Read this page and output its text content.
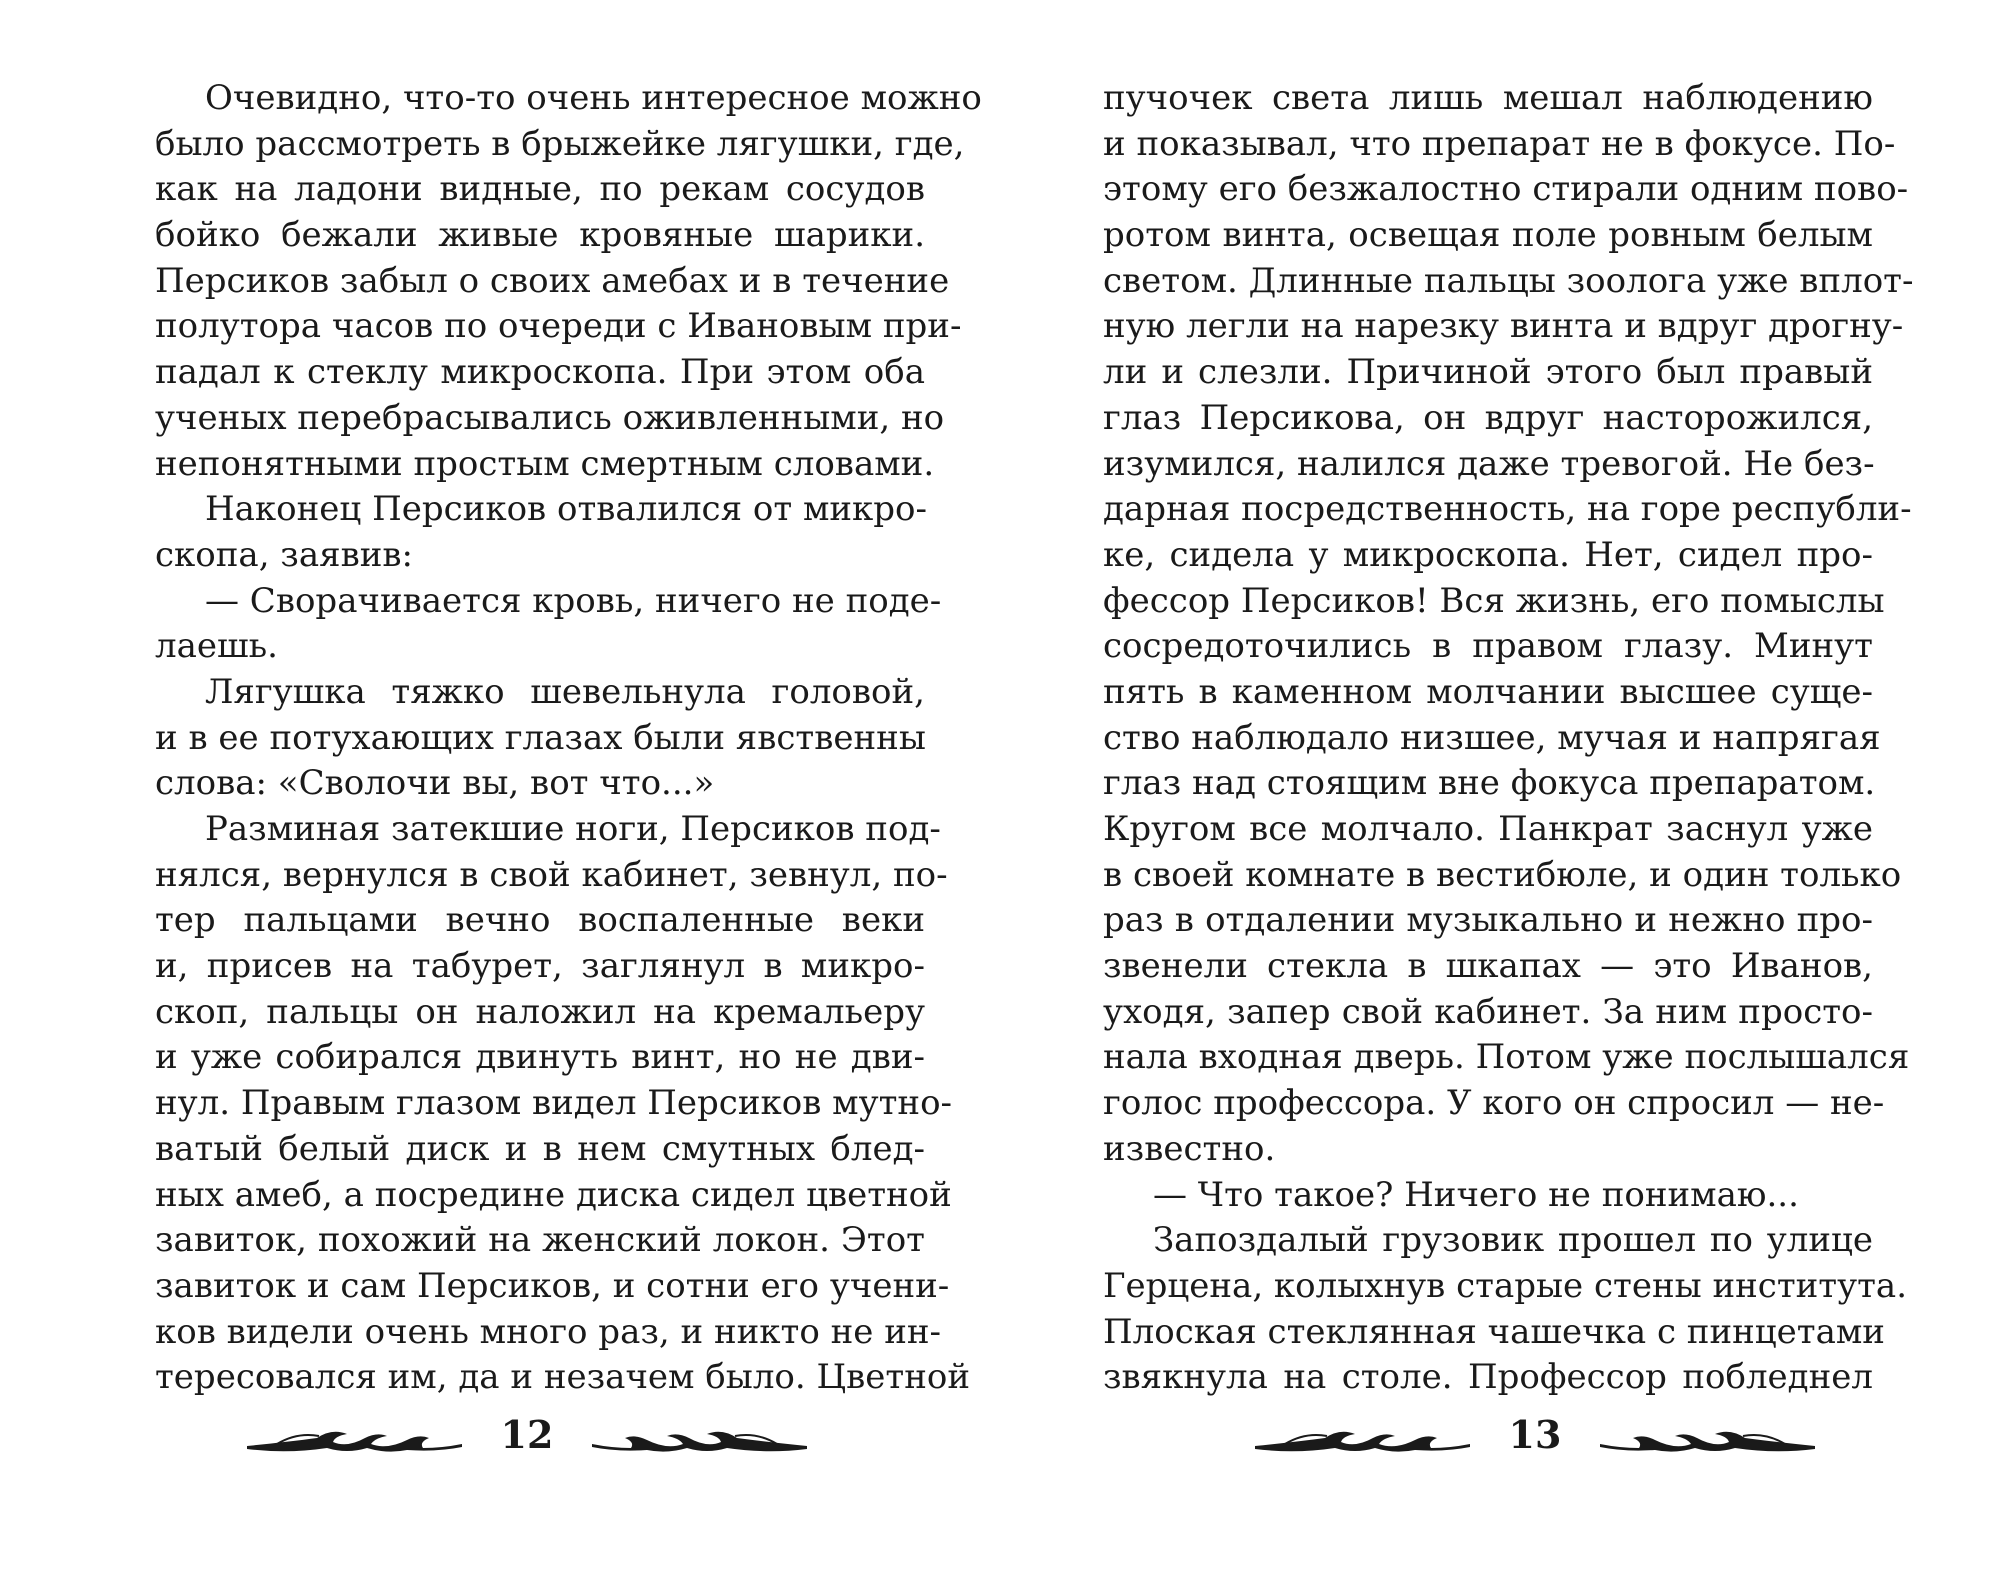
Очевидно, что-то очень интересное можно
было рассмотреть в брыжейке лягушки, где,
как на ладони видные, по рекам сосудов
бойко бежали живые кровяные шарики.
Персиков забыл о своих амебах и в течение
полутора часов по очереди с Ивановым при-
падал к стеклу микроскопа. При этом оба
ученых перебрасывались оживленными, но
непонятными простым смертным словами.
Наконец Персиков отвалился от микро-
скопа, заявив:
— Сворачивается кровь, ничего не поде-
лаешь.
Лягушка тяжко шевельнула головой,
и в ее потухающих глазах были явственны
слова: «Сволочи вы, вот что...»
Разминая затекшие ноги, Персиков под-
нялся, вернулся в свой кабинет, зевнул, по-
тер пальцами вечно воспаленные веки
и, присев на табурет, заглянул в микро-
скоп, пальцы он наложил на кремальеру
и уже собирался двинуть винт, но не дви-
нул. Правым глазом видел Персиков мутно-
ватый белый диск и в нем смутных блед-
ных амеб, а посредине диска сидел цветной
завиток, похожий на женский локон. Этот
завиток и сам Персиков, и сотни его учени-
ков видели очень много раз, и никто не ин-
тересовался им, да и незачем было. Цветной
пучочек света лишь мешал наблюдению
и показывал, что препарат не в фокусе. По-
этому его безжалостно стирали одним пово-
ротом винта, освещая поле ровным белым
светом. Длинные пальцы зоолога уже вплот-
ную легли на нарезку винта и вдруг дрогну-
ли и слезли. Причиной этого был правый
глаз Персикова, он вдруг насторожился,
изумился, налился даже тревогой. Не без-
дарная посредственность, на горе республи-
ке, сидела у микроскопа. Нет, сидел про-
фессор Персиков! Вся жизнь, его помыслы
сосредоточились в правом глазу. Минут
пять в каменном молчании высшее суще-
ство наблюдало низшее, мучая и напрягая
глаз над стоящим вне фокуса препаратом.
Кругом все молчало. Панкрат заснул уже
в своей комнате в вестибюле, и один только
раз в отдалении музыкально и нежно про-
звенели стекла в шкапах — это Иванов,
уходя, запер свой кабинет. За ним просто-
нала входная дверь. Потом уже послышался
голос профессора. У кого он спросил — не-
известно.
— Что такое? Ничего не понимаю...
Запоздалый грузовик прошел по улице
Герцена, колыхнув старые стены института.
Плоская стеклянная чашечка с пинцетами
звякнула на столе. Профессор побледнел
12	13
